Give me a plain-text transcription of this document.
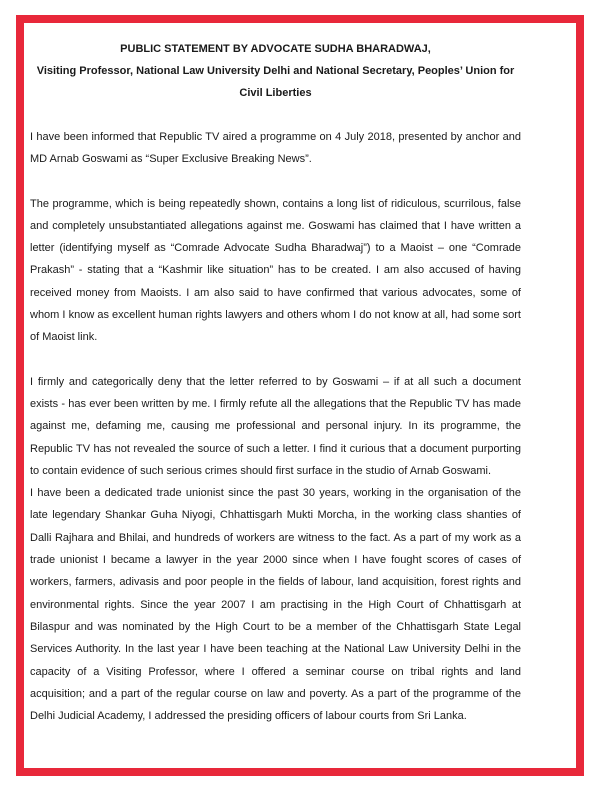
PUBLIC STATEMENT BY ADVOCATE SUDHA BHARADWAJ,

Visiting Professor, National Law University Delhi and National Secretary, Peoples’ Union for Civil Liberties

I have been informed that Republic TV aired a programme on 4 July 2018, presented by anchor and MD Arnab Goswami as “Super Exclusive Breaking News”.

The programme, which is being repeatedly shown, contains a long list of ridiculous, scurrilous, false and completely unsubstantiated allegations against me. Goswami has claimed that I have written a letter (identifying myself as “Comrade Advocate Sudha Bharadwaj”) to a Maoist – one “Comrade Prakash” - stating that a “Kashmir like situation” has to be created. I am also accused of having received money from Maoists. I am also said to have confirmed that various advocates, some of whom I know as excellent human rights lawyers and others whom I do not know at all, had some sort of Maoist link.

I firmly and categorically deny that the letter referred to by Goswami – if at all such a document exists - has ever been written by me. I firmly refute all the allegations that the Republic TV has made against me, defaming me, causing me professional and personal injury. In its programme, the Republic TV has not revealed the source of such a letter. I find it curious that a document purporting to contain evidence of such serious crimes should first surface in the studio of Arnab Goswami.

I have been a dedicated trade unionist since the past 30 years, working in the organisation of the late legendary Shankar Guha Niyogi, Chhattisgarh Mukti Morcha, in the working class shanties of Dalli Rajhara and Bhilai, and hundreds of workers are witness to the fact. As a part of my work as a trade unionist I became a lawyer in the year 2000 since when I have fought scores of cases of workers, farmers, adivasis and poor people in the fields of labour, land acquisition, forest rights and environmental rights. Since the year 2007 I am practising in the High Court of Chhattisgarh at Bilaspur and was nominated by the High Court to be a member of the Chhattisgarh State Legal Services Authority. In the last year I have been teaching at the National Law University Delhi in the capacity of a Visiting Professor, where I offered a seminar course on tribal rights and land acquisition; and a part of the regular course on law and poverty. As a part of the programme of the Delhi Judicial Academy, I addressed the presiding officers of labour courts from Sri Lanka.
